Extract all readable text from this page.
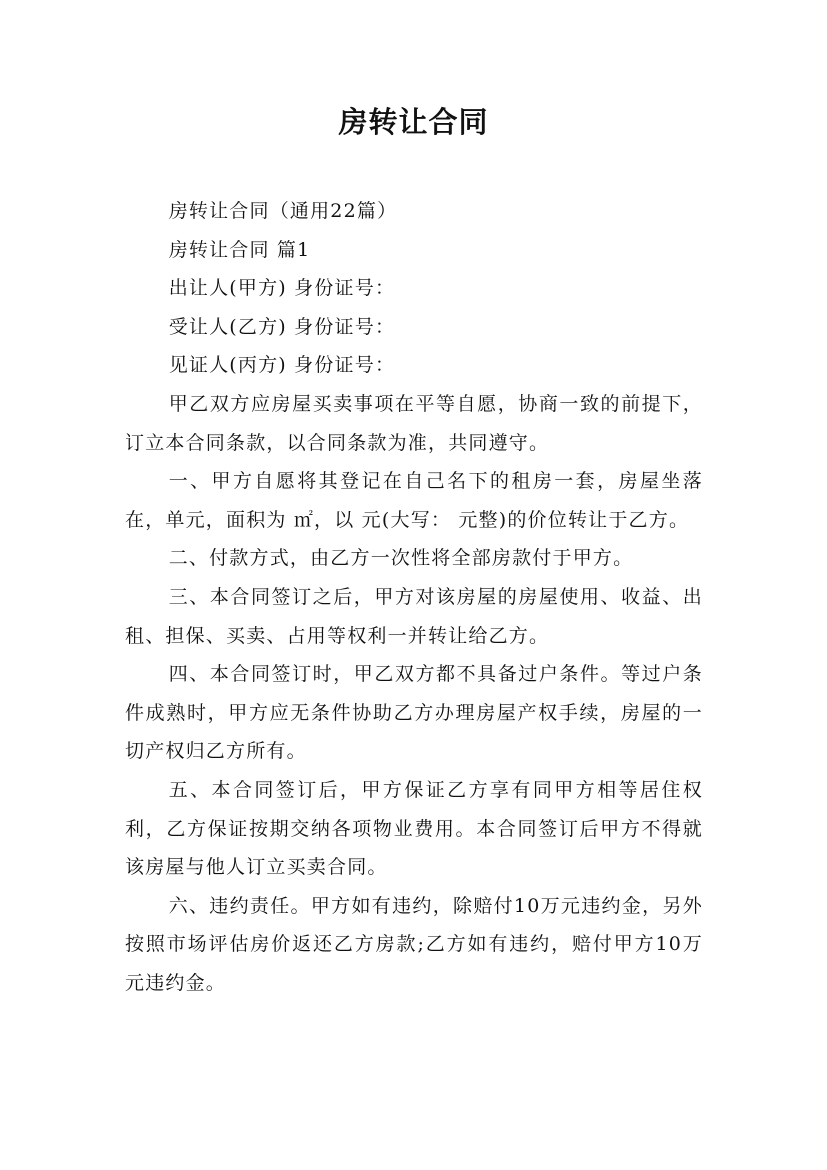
房转让合同

房转让合同（通用22篇）

房转让合同 篇1

出让人(甲方) 身份证号：

受让人(乙方) 身份证号：

见证人(丙方) 身份证号：

甲乙双方应房屋买卖事项在平等自愿，协商一致的前提下，订立本合同条款，以合同条款为准，共同遵守。

一、甲方自愿将其登记在自己名下的租房一套，房屋坐落在，单元，面积为 ㎡，以 元(大写： 元整)的价位转让于乙方。

二、付款方式，由乙方一次性将全部房款付于甲方。

三、本合同签订之后，甲方对该房屋的房屋使用、收益、出租、担保、买卖、占用等权利一并转让给乙方。

四、本合同签订时，甲乙双方都不具备过户条件。等过户条件成熟时，甲方应无条件协助乙方办理房屋产权手续，房屋的一切产权归乙方所有。

五、本合同签订后，甲方保证乙方享有同甲方相等居住权利，乙方保证按期交纳各项物业费用。本合同签订后甲方不得就该房屋与他人订立买卖合同。

六、违约责任。甲方如有违约，除赔付10万元违约金，另外按照市场评估房价返还乙方房款;乙方如有违约，赔付甲方10万元违约金。
